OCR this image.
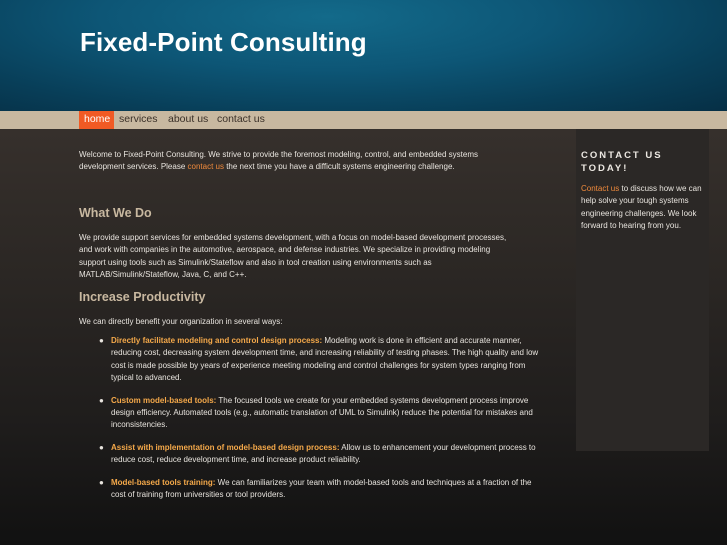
Fixed-Point Consulting
home services about us contact us

Welcome to Fixed-Point Consulting. We strive to provide the foremost modeling, control, and embedded systems development services. Please contact us the next time you have a difficult systems engineering challenge.

What We Do

We provide support services for embedded systems development, with a focus on model-based development processes, and work with companies in the automotive, aerospace, and defense industries. We specialize in providing modeling support using tools such as Simulink/Stateflow and also in tool creation using environments such as MATLAB/Simulink/Stateflow, Java, C, and C++.

Increase Productivity

We can directly benefit your organization in several ways:

● Directly facilitate modeling and control design process: Modeling work is done in efficient and accurate manner, reducing cost, decreasing system development time, and increasing reliability of testing phases. The high quality and low cost is made possible by years of experience meeting modeling and control challenges for system types ranging from typical to advanced.
● Custom model-based tools: The focused tools we create for your embedded systems development process improve design efficiency. Automated tools (e.g., automatic translation of UML to Simulink) reduce the potential for mistakes and inconsistencies.
● Assist with implementation of model-based design process: Allow us to enhancement your development process to reduce cost, reduce development time, and increase product reliability.
● Model-based tools training: We can familiarizes your team with model-based tools and techniques at a fraction of the cost of training from universities or tool providers.
CONTACT US TODAY!

Contact us to discuss how we can help solve your tough systems engineering challenges. We look forward to hearing from you.
